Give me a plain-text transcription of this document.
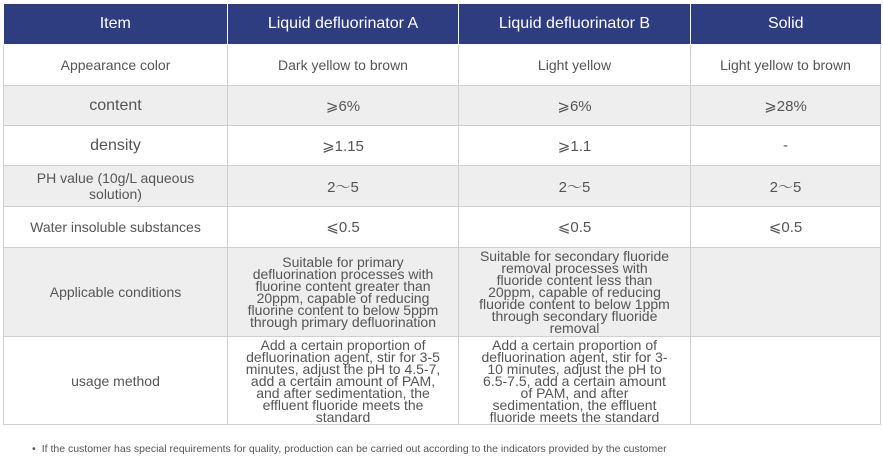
Item	Liquid defluorinator A	Liquid defluorinator B	Solid
Appearance color	Dark yellow to brown	Light yellow	Light yellow to brown
content	⩾6%	⩾6%	⩾28%
density	⩾1.15	⩾1.1	-
PH value (10g/L aqueous solution)	2〜5	2〜5	2〜5
Water insoluble substances	⩽0.5	⩽0.5	⩽0.5
Applicable conditions	Suitable for primary defluorination processes with fluorine content greater than 20ppm, capable of reducing fluorine content to below 5ppm through primary defluorination	Suitable for secondary fluoride removal processes with fluoride content less than 20ppm, capable of reducing fluoride content to below 1ppm through secondary fluoride removal	
usage method	Add a certain proportion of defluorination agent, stir for 3-5 minutes, adjust the pH to 4.5-7, add a certain amount of PAM, and after sedimentation, the effluent fluoride meets the standard	Add a certain proportion of defluorination agent, stir for 3-10 minutes, adjust the pH to 6.5-7.5, add a certain amount of PAM, and after sedimentation, the effluent fluoride meets the standard	
• If the customer has special requirements for quality, production can be carried out according to the indicators provided by the customer
